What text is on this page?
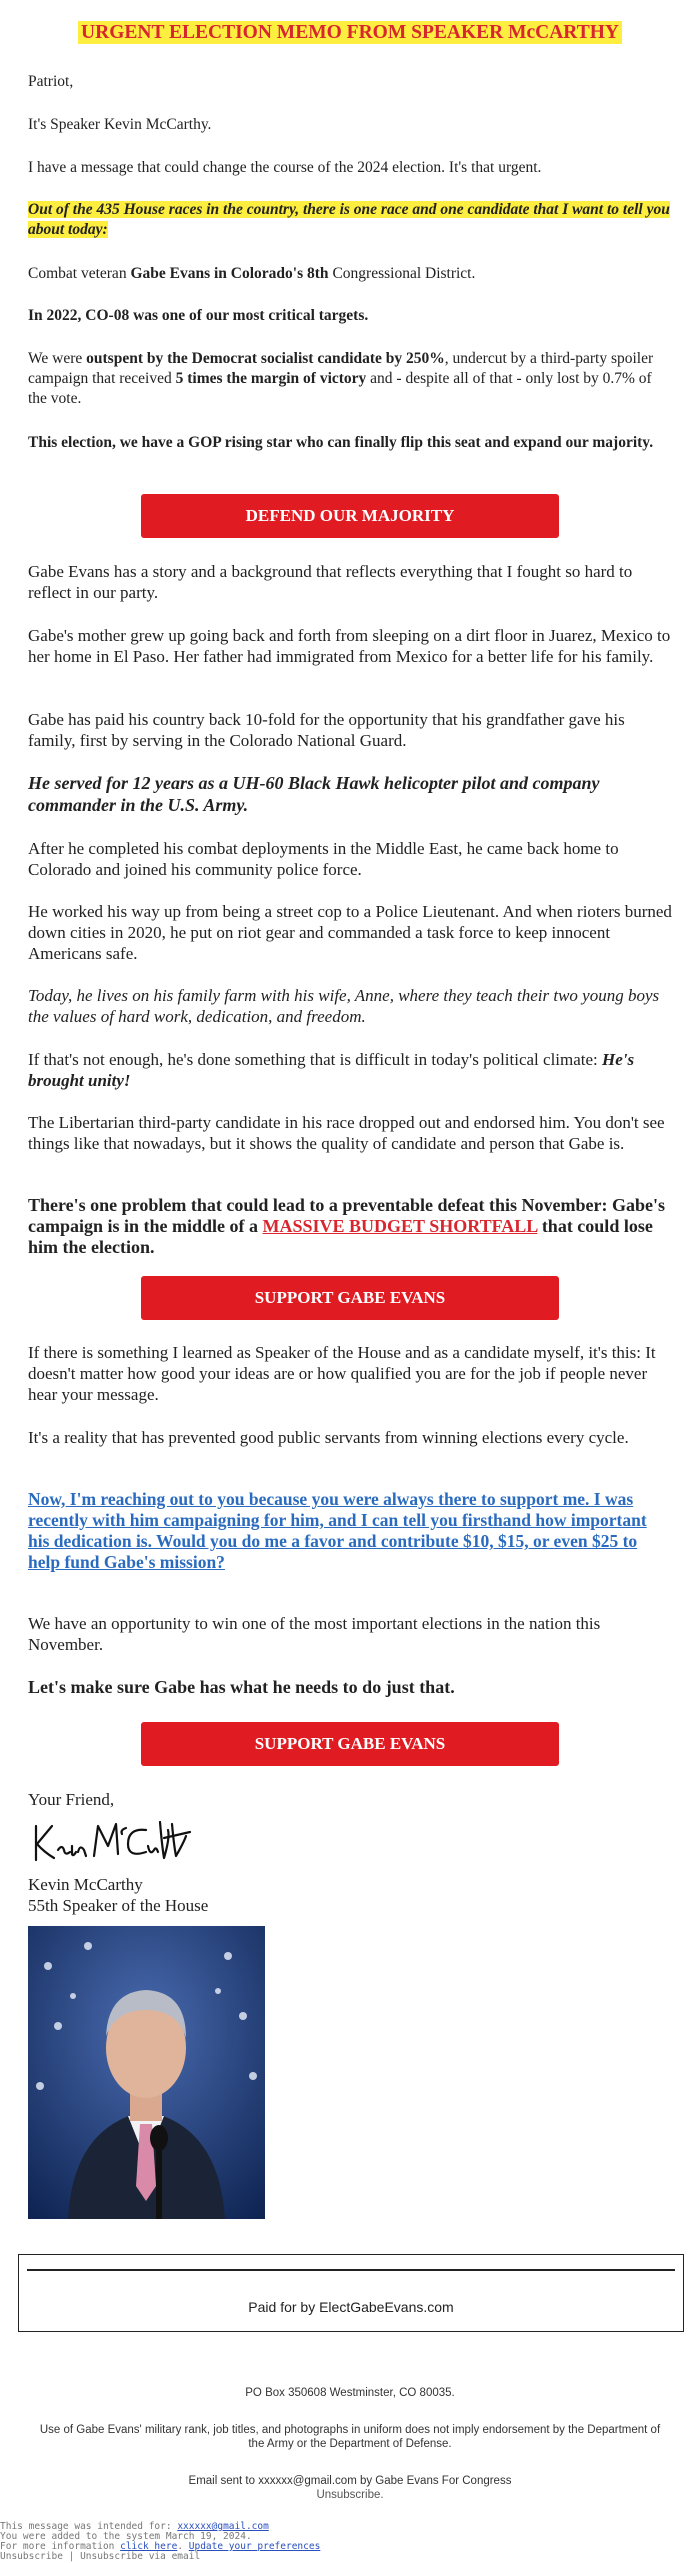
URGENT ELECTION MEMO FROM SPEAKER McCARTHY

Patriot,

It's Speaker Kevin McCarthy.

I have a message that could change the course of the 2024 election. It's that urgent.

Out of the 435 House races in the country, there is one race and one candidate that I want to tell you about today:

Combat veteran Gabe Evans in Colorado's 8th Congressional District.

In 2022, CO-08 was one of our most critical targets.

We were outspent by the Democrat socialist candidate by 250%, undercut by a third-party spoiler campaign that received 5 times the margin of victory and - despite all of that - only lost by 0.7% of the vote.

This election, we have a GOP rising star who can finally flip this seat and expand our majority.

DEFEND OUR MAJORITY

Gabe Evans has a story and a background that reflects everything that I fought so hard to reflect in our party.

Gabe's mother grew up going back and forth from sleeping on a dirt floor in Juarez, Mexico to her home in El Paso. Her father had immigrated from Mexico for a better life for his family.

Gabe has paid his country back 10-fold for the opportunity that his grandfather gave his family, first by serving in the Colorado National Guard.

He served for 12 years as a UH-60 Black Hawk helicopter pilot and company commander in the U.S. Army.

After he completed his combat deployments in the Middle East, he came back home to Colorado and joined his community police force.

He worked his way up from being a street cop to a Police Lieutenant. And when rioters burned down cities in 2020, he put on riot gear and commanded a task force to keep innocent Americans safe.

Today, he lives on his family farm with his wife, Anne, where they teach their two young boys the values of hard work, dedication, and freedom.

If that's not enough, he's done something that is difficult in today's political climate: He's brought unity!

The Libertarian third-party candidate in his race dropped out and endorsed him. You don't see things like that nowadays, but it shows the quality of candidate and person that Gabe is.

There's one problem that could lead to a preventable defeat this November: Gabe's campaign is in the middle of a MASSIVE BUDGET SHORTFALL that could lose him the election.

SUPPORT GABE EVANS

If there is something I learned as Speaker of the House and as a candidate myself, it's this: It doesn't matter how good your ideas are or how qualified you are for the job if people never hear your message.

It's a reality that has prevented good public servants from winning elections every cycle.

Now, I'm reaching out to you because you were always there to support me. I was recently with him campaigning for him, and I can tell you firsthand how important his dedication is. Would you do me a favor and contribute $10, $15, or even $25 to help fund Gabe's mission?

We have an opportunity to win one of the most important elections in the nation this November.

Let's make sure Gabe has what he needs to do just that.

SUPPORT GABE EVANS

Your Friend,

Kevin McCarthy

55th Speaker of the House

Paid for by ElectGabeEvans.com
PO Box 350608 Westminster, CO 80035.
Use of Gabe Evans' military rank, job titles, and photographs in uniform does not imply endorsement by the Department of the Army or the Department of Defense.
Email sent to xxxxxx@gmail.com by Gabe Evans For Congress
Unsubscribe.
This message was intended for: xxxxxx@gmail.com
You were added to the system March 19, 2024.
For more information click here. Update your preferences
Unsubscribe | Unsubscribe via email
